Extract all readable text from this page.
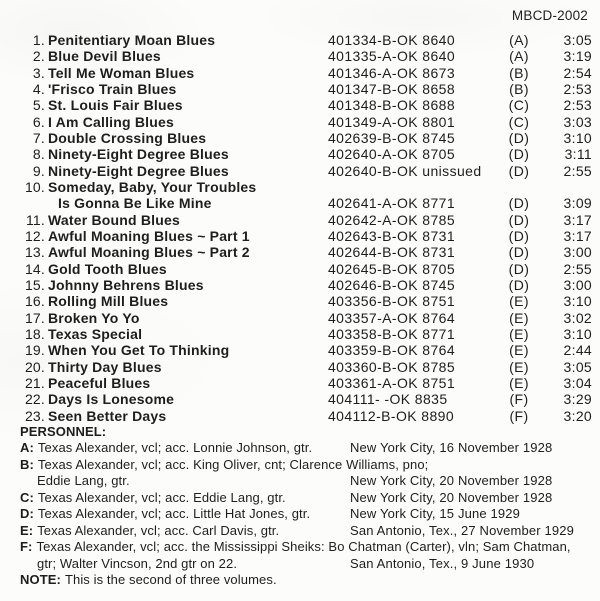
MBCD-2002
1. Penitentiary Moan Blues	401334-B-OK 8640	(A)	3:05
2. Blue Devil Blues	401335-A-OK 8640	(A)	3:19
3. Tell Me Woman Blues	401346-A-OK 8673	(B)	2:54
4. 'Frisco Train Blues	401347-B-OK 8658	(B)	2:53
5. St. Louis Fair Blues	401348-B-OK 8688	(C)	2:53
6. I Am Calling Blues	401349-A-OK 8801	(C)	3:03
7. Double Crossing Blues	402639-B-OK 8745	(D)	3:10
8. Ninety-Eight Degree Blues	402640-A-OK 8705	(D)	3:11
9. Ninety-Eight Degree Blues	402640-B-OK unissued	(D)	2:55
10. Someday, Baby, Your Troubles
Is Gonna Be Like Mine	402641-A-OK 8771	(D)	3:09
11. Water Bound Blues	402642-A-OK 8785	(D)	3:17
12. Awful Moaning Blues ~ Part 1	402643-B-OK 8731	(D)	3:17
13. Awful Moaning Blues ~ Part 2	402644-B-OK 8731	(D)	3:00
14. Gold Tooth Blues	402645-B-OK 8705	(D)	2:55
15. Johnny Behrens Blues	402646-B-OK 8745	(D)	3:00
16. Rolling Mill Blues	403356-B-OK 8751	(E)	3:10
17. Broken Yo Yo	403357-A-OK 8764	(E)	3:02
18. Texas Special	403358-B-OK 8771	(E)	3:10
19. When You Get To Thinking	403359-B-OK 8764	(E)	2:44
20. Thirty Day Blues	403360-B-OK 8785	(E)	3:05
21. Peaceful Blues	403361-A-OK 8751	(E)	3:04
22. Days Is Lonesome	404111- -OK 8835	(F)	3:29
23. Seen Better Days	404112-B-OK 8890	(F)	3:20
PERSONNEL:
A: Texas Alexander, vcl; acc. Lonnie Johnson, gtr.	New York City, 16 November 1928
B: Texas Alexander, vcl; acc. King Oliver, cnt; Clarence Williams, pno;
Eddie Lang, gtr.	New York City, 20 November 1928
C: Texas Alexander, vcl; acc. Eddie Lang, gtr.	New York City, 20 November 1928
D: Texas Alexander, vcl; acc. Little Hat Jones, gtr.	New York City, 15 June 1929
E: Texas Alexander, vcl; acc. Carl Davis, gtr.	San Antonio, Tex., 27 November 1929
F: Texas Alexander, vcl; acc. the Mississippi Sheiks: Bo Chatman (Carter), vln; Sam Chatman,
gtr; Walter Vincson, 2nd gtr on 22.	San Antonio, Tex., 9 June 1930
NOTE: This is the second of three volumes.
